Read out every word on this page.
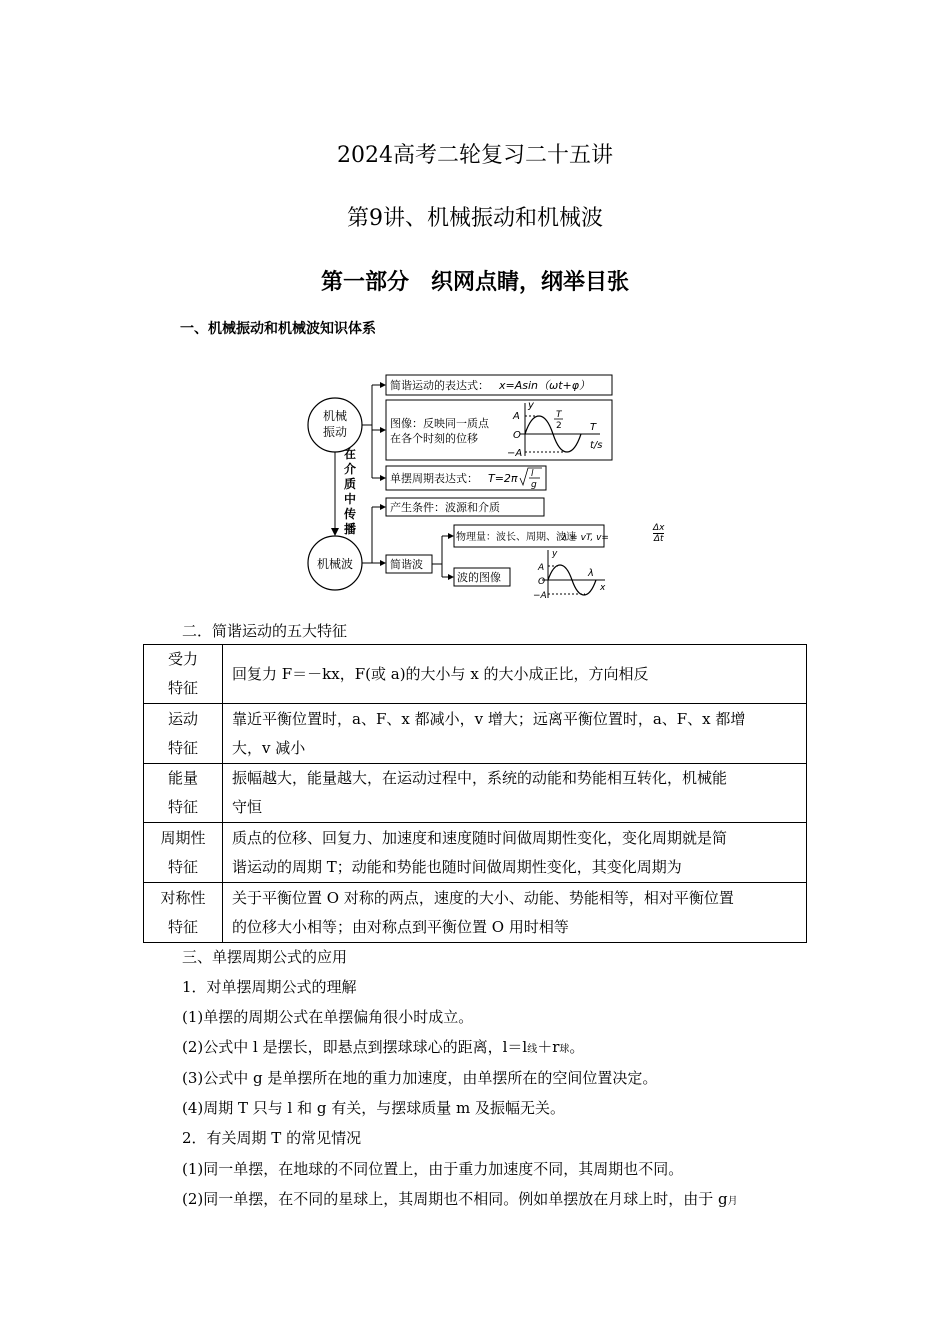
2024高考二轮复习二十五讲
第9讲、机械振动和机械波
第一部分　织网点睛，纲举目张
一、机械振动和机械波知识体系
机械
振动
机械波
在
介
质
中
传
播
简谐运动的表达式： x=Asin（ωt+φ）
图像：反映同一质点
在各个时刻的位移
y
A
O
−A
T
2	T
t/s
单摆周期表达式： T=2π l
g
产生条件：波源和介质
简谐波
物理量：波长、周期、波速
λ = vT, v=
波的图像
y
A
O
−A
λ
x
Δx
Δt
二．简谐运动的五大特征
受力
特征	回复力 F＝－kx，F(或 a)的大小与 x 的大小成正比，方向相反
运动
特征	靠近平衡位置时，a、F、x 都减小，v 增大；远离平衡位置时，a、F、x 都增
大，v 减小
能量
特征	振幅越大，能量越大，在运动过程中，系统的动能和势能相互转化，机械能
守恒
周期性
特征	质点的位移、回复力、加速度和速度随时间做周期性变化，变化周期就是简
谐运动的周期 T；动能和势能也随时间做周期性变化，其变化周期为
对称性
特征	关于平衡位置 O 对称的两点，速度的大小、动能、势能相等，相对平衡位置
的位移大小相等；由对称点到平衡位置 O 用时相等
三、单摆周期公式的应用
1．对单摆周期公式的理解
(1)单摆的周期公式在单摆偏角很小时成立。
(2)公式中 l 是摆长，即悬点到摆球球心的距离，l＝l线＋r球。
(3)公式中 g 是单摆所在地的重力加速度，由单摆所在的空间位置决定。
(4)周期 T 只与 l 和 g 有关，与摆球质量 m 及振幅无关。
2．有关周期 T 的常见情况
(1)同一单摆，在地球的不同位置上，由于重力加速度不同，其周期也不同。
(2)同一单摆，在不同的星球上，其周期也不相同。例如单摆放在月球上时，由于 g月
